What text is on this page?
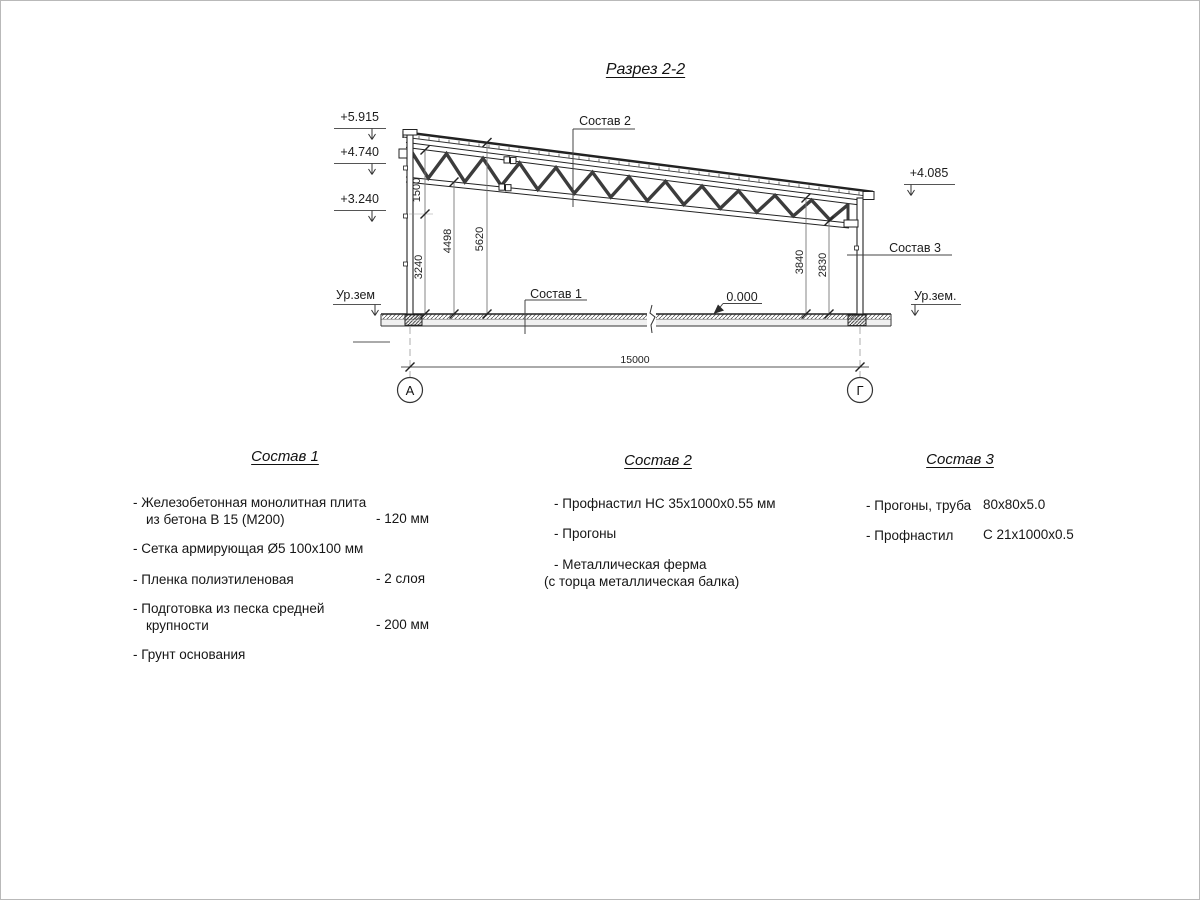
Разрез 2-2
+5.915
+4.740
+3.240
+4.085
Ур.зем	Ур.зем.
0.000
Состав 2
Состав 1
Состав 3
1500
3240
4498 5620
3840 2830
15000
А	Г
Состав 1	Состав 2	Состав 3
- Железобетонная монолитная плита
из бетона В 15 (М200)	- 120 мм
- Сетка армирующая Ø5 100х100 мм
- Пленка полиэтиленовая	- 2 слоя
- Подготовка из песка средней
крупности	- 200 мм
- Грунт основания
- Профнастил НС 35х1000х0.55 мм
- Прогоны
- Металлическая ферма
(с торца металлическая балка)
- Прогоны, труба 80х80х5.0
- Профнастил	С 21х1000х0.5
